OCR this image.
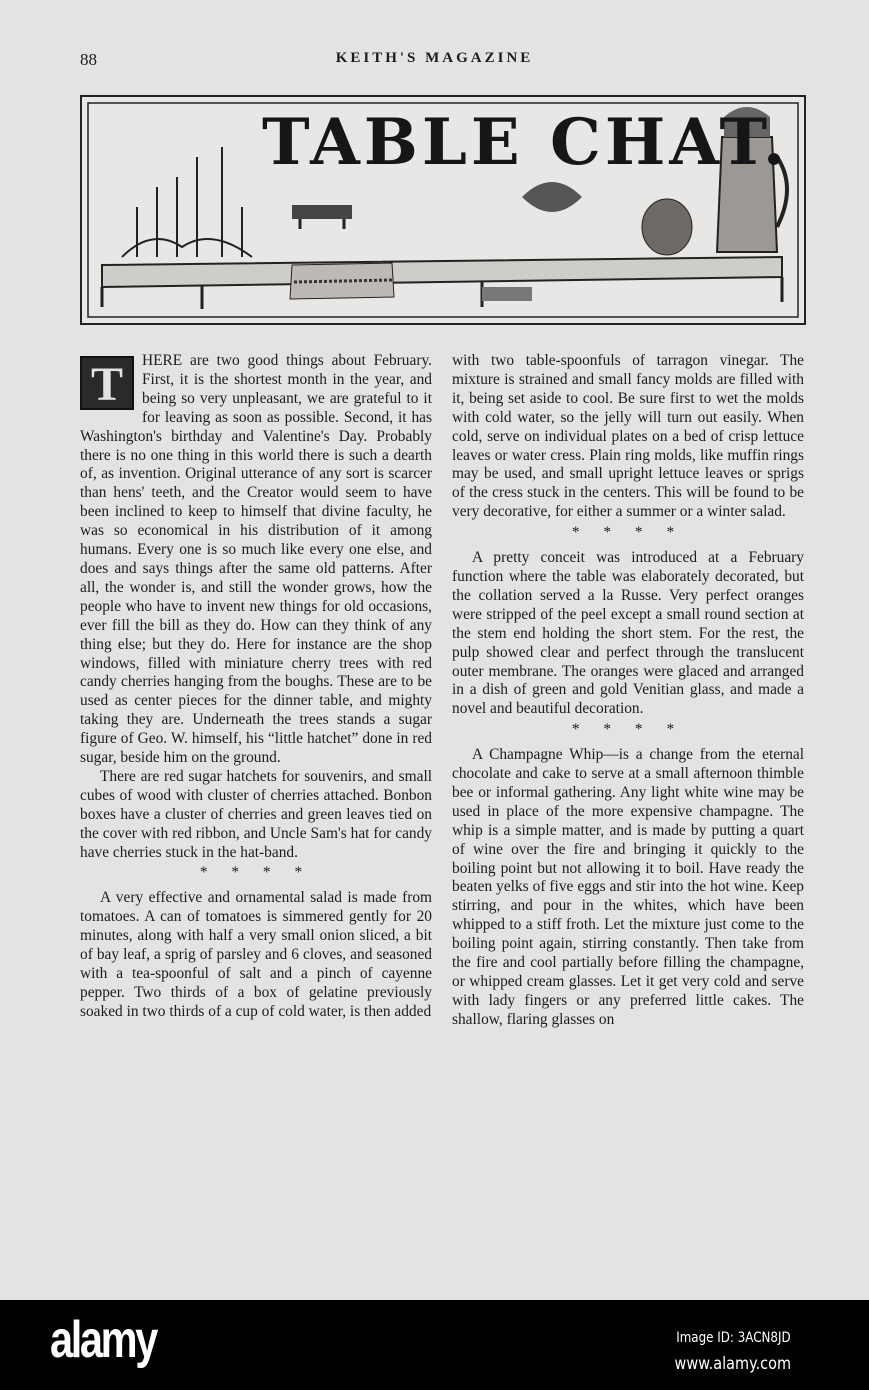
88	KEITH'S MAGAZINE
TABLE CHAT.
T	HERE are two good things about February. First, it is the shortest month in the year, and being so very unpleasant, we are grateful to it for leaving as soon as possible. Second, it has Washington's birthday and Valentine's Day. Probably there is no one thing in this world there is such a dearth of, as invention. Original utterance of any sort is scarcer than hens' teeth, and the Creator would seem to have been inclined to keep to himself that divine faculty, he was so economical in his distribution of it among humans. Every one is so much like every one else, and does and says things after the same old patterns. After all, the wonder is, and still the wonder grows, how the people who have to invent new things for old occasions, ever fill the bill as they do. How can they think of any thing else; but they do. Here for instance are the shop windows, filled with miniature cherry trees with red candy cherries hanging from the boughs. These are to be used as center pieces for the dinner table, and mighty taking they are. Underneath the trees stands a sugar figure of Geo. W. himself, his “little hatchet” done in red sugar, beside him on the ground.

There are red sugar hatchets for souvenirs, and small cubes of wood with cluster of cherries attached. Bonbon boxes have a cluster of cherries and green leaves tied on the cover with red ribbon, and Uncle Sam's hat for candy have cherries stuck in the hat-band.

* * * *

A very effective and ornamental salad is made from tomatoes. A can of tomatoes is simmered gently for 20 minutes, along with half a very small onion sliced, a bit of bay leaf, a sprig of parsley and 6 cloves, and seasoned with a tea-spoonful of salt and a pinch of cayenne pepper. Two thirds of a box of gelatine previously soaked in two thirds of a cup of cold water, is then added

with two table-spoonfuls of tarragon vinegar. The mixture is strained and small fancy molds are filled with it, being set aside to cool. Be sure first to wet the molds with cold water, so the jelly will turn out easily. When cold, serve on individual plates on a bed of crisp lettuce leaves or water cress. Plain ring molds, like muffin rings may be used, and small upright lettuce leaves or sprigs of the cress stuck in the centers. This will be found to be very decorative, for either a summer or a winter salad.

* * * *

A pretty conceit was introduced at a February function where the table was elaborately decorated, but the collation served a la Russe. Very perfect oranges were stripped of the peel except a small round section at the stem end holding the short stem. For the rest, the pulp showed clear and perfect through the translucent outer membrane. The oranges were glaced and arranged in a dish of green and gold Venitian glass, and made a novel and beautiful decoration.

* * * *

A Champagne Whip—is a change from the eternal chocolate and cake to serve at a small afternoon thimble bee or informal gathering. Any light white wine may be used in place of the more expensive champagne. The whip is a simple matter, and is made by putting a quart of wine over the fire and bringing it quickly to the boiling point but not allowing it to boil. Have ready the beaten yelks of five eggs and stir into the hot wine. Keep stirring, and pour in the whites, which have been whipped to a stiff froth. Let the mixture just come to the boiling point again, stirring constantly. Then take from the fire and cool partially before filling the champagne, or whipped cream glasses. Let it get very cold and serve with lady fingers or any preferred little cakes. The shallow, flaring glasses on

alamy	Image ID: 3ACN8JD
www.alamy.com
